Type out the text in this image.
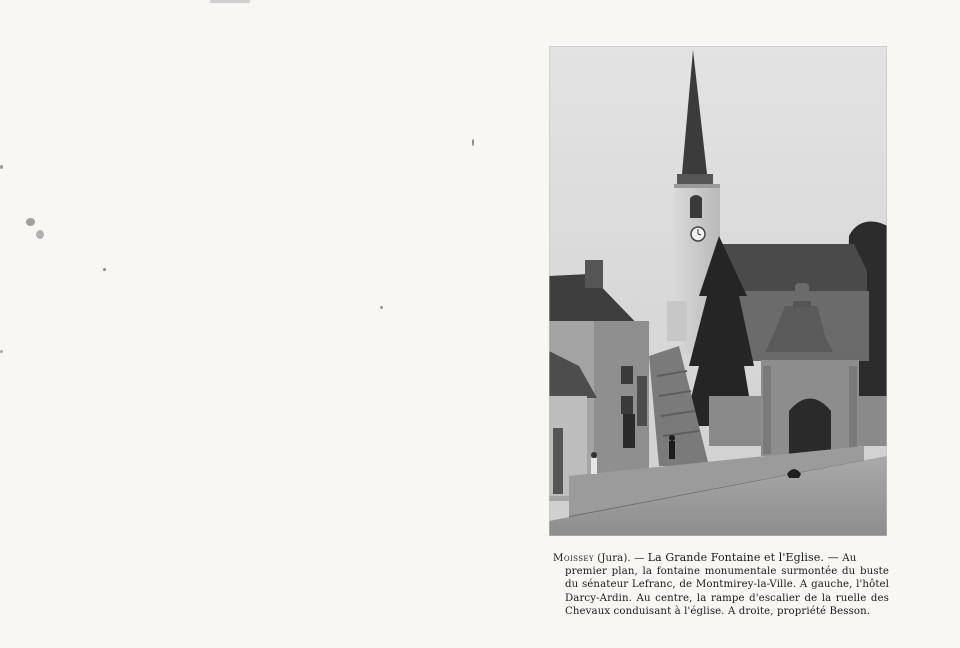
Moissey (Jura). — La Grande Fontaine et l'Eglise. — Au

premier plan, la fontaine monumentale surmontée du buste du sénateur Lefranc, de Montmirey-la-Ville. A gauche, l'hôtel Darcy-Ardin. Au centre, la rampe d'escalier de la ruelle des Chevaux conduisant à l'église. A droite, propriété Besson.
